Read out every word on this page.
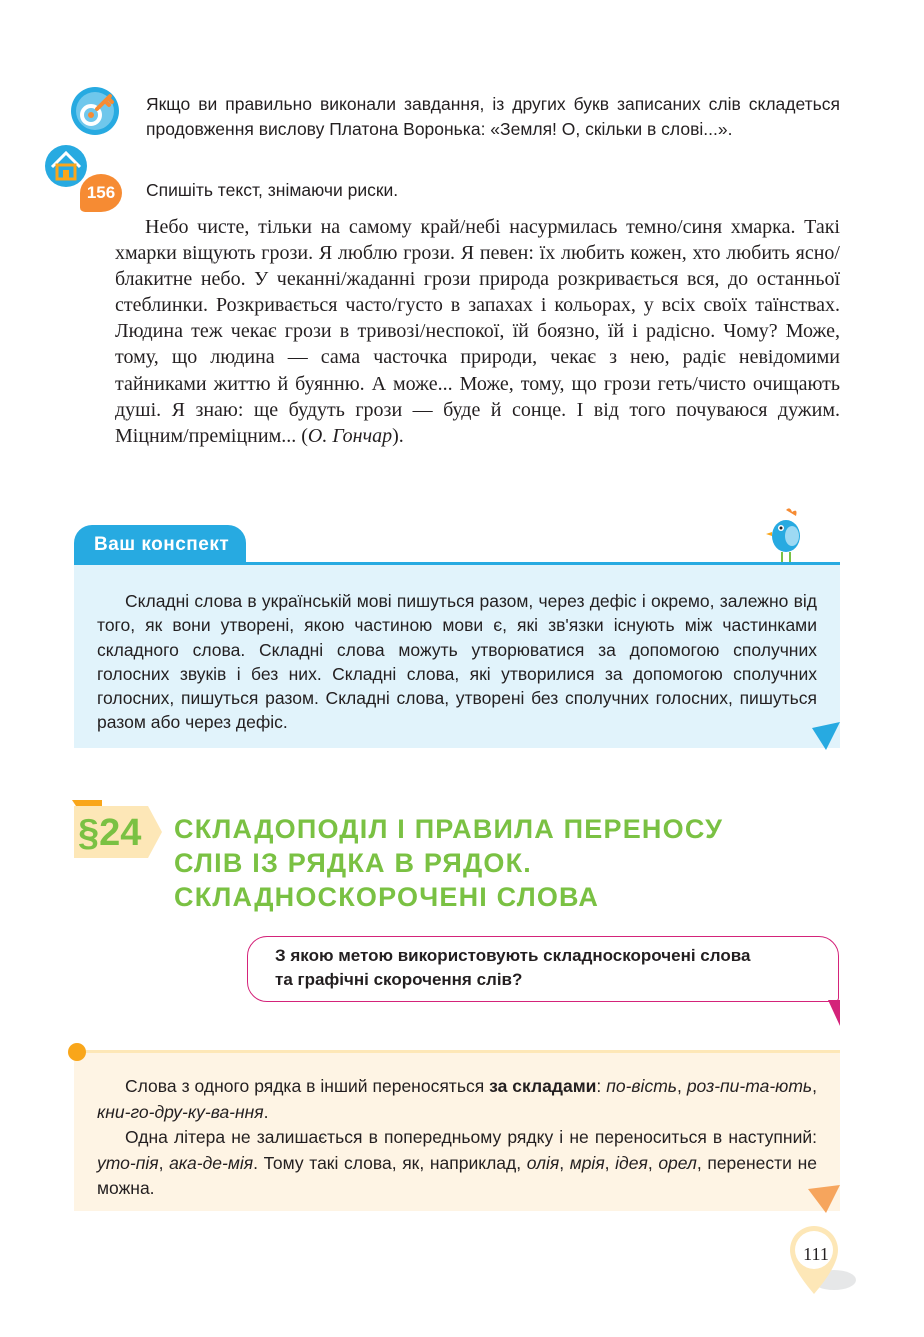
Якщо ви правильно виконали завдання, із других букв записаних слів складеться продовження вислову Платона Воронька: «Земля! О, скільки в слові...».
156	Спишіть текст, знімаючи риски.

Небо чисте, тільки на самому край/небі насурмилась темно/синя хмарка. Такі хмарки віщують грози. Я люблю грози. Я певен: їх любить кожен, хто любить ясно/блакитне небо. У чеканні/жаданні грози природа розкривається вся, до останньої стеблинки. Розкривається часто/густо в запахах і кольорах, у всіх своїх таїнствах. Людина теж чекає грози в тривозі/неспокої, їй боязно, їй і радісно. Чому? Може, тому, що людина — сама часточка природи, чекає з нею, радіє невідомими тайниками життю й буянню. А може... Може, тому, що грози геть/чисто очищають душі. Я знаю: ще будуть грози — буде й сонце. І від того почуваюся дужим. Міцним/преміцним... (О. Гончар).

Ваш конспект

Складні слова в українській мові пишуться разом, через дефіс і окремо, залежно від того, як вони утворені, якою частиною мови є, які зв'язки існують між частинками складного слова. Складні слова можуть утворюватися за допомогою сполучних голосних звуків і без них. Складні слова, які утворилися за допомогою сполучних голосних, пишуться разом. Складні слова, утворені без сполучних голосних, пишуться разом або через дефіс.

§24 СКЛАДОПОДІЛ І ПРАВИЛА ПЕРЕНОСУ
СЛІВ ІЗ РЯДКА В РЯДОК.
СКЛАДНОСКОРОЧЕНІ СЛОВА
З якою метою використовують складноскорочені слова
та графічні скорочення слів?

Слова з одного рядка в інший переносяться за складами: по-вість, роз-пи-та-ють, кни-го-дру-ку-ва-ння.

Одна літера не залишається в попередньому рядку і не переноситься в наступний: уто-пія, ака-де-мія. Тому такі слова, як, наприклад, олія, мрія, ідея, орел, перенести не можна.

111
